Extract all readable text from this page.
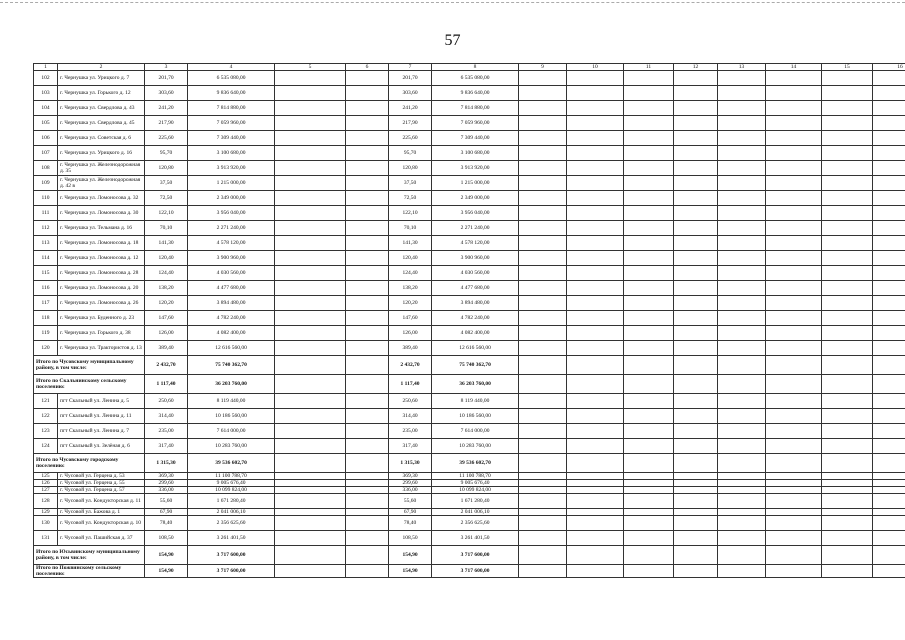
57
1	2	3	4	5	6	7	8	9	10	11	12	13	14	15	16
102	г. Чернушка ул. Урицкого д. 7	201,70	6 535 080,00			201,70	6 535 080,00								
103	г. Чернушка ул. Горького д. 12	303,60	9 836 640,00			303,60	9 836 640,00								
104	г. Чернушка ул. Свердлова д. 43	241,20	7 814 880,00			241,20	7 814 880,00								
105	г. Чернушка ул. Свердлова д. 45	217,90	7 059 960,00			217,90	7 059 960,00								
106	г. Чернушка ул. Советская д. 6	225,60	7 309 440,00			225,60	7 309 440,00								
107	г. Чернушка ул. Урицкого д. 16	95,70	3 100 680,00			95,70	3 100 680,00								
108	г. Чернушка ул. Железнодорожная д. 35	120,80	3 913 920,00			120,80	3 913 920,00								
109	г. Чернушка ул. Железнодорожная д. 42 в	37,50	1 215 000,00			37,50	1 215 000,00								
110	г. Чернушка ул. Ломоносова д. 32	72,50	2 349 000,00			72,50	2 349 000,00								
111	г. Чернушка ул. Ломоносова д. 30	122,10	3 956 040,00			122,10	3 956 040,00								
112	г. Чернушка ул. Тельмана д. 16	70,10	2 271 240,00			70,10	2 271 240,00								
113	г. Чернушка ул. Ломоносова д. 18	141,30	4 578 120,00			141,30	4 578 120,00								
114	г. Чернушка ул. Ломоносова д. 12	120,40	3 900 960,00			120,40	3 900 960,00								
115	г. Чернушка ул. Ломоносова д. 28	124,40	4 030 560,00			124,40	4 030 560,00								
116	г. Чернушка ул. Ломоносова д. 20	138,20	4 477 680,00			138,20	4 477 680,00								
117	г. Чернушка ул. Ломоносова д. 26	120,20	3 894 480,00			120,20	3 894 480,00								
118	г. Чернушка ул. Буденного д. 23	147,60	4 782 240,00			147,60	4 782 240,00								
119	г. Чернушка ул. Горького д. 38	126,00	4 082 400,00			126,00	4 082 400,00								
120	г. Чернушка ул. Трактористов д. 13	389,40	12 616 560,00			389,40	12 616 560,00								
Итого по Чусовскому муниципальному району, в том числе:		2 432,70	75 740 362,70			2 432,70	75 740 362,70								
Итого по Скальнинскому сельскому поселению:		1 117,40	36 203 760,00			1 117,40	36 203 760,00								
121	пгт Скальный ул. Ленина д. 5	250,60	8 119 440,00			250,60	8 119 440,00								
122	пгт Скальный ул. Ленина д. 11	314,40	10 186 560,00			314,40	10 186 560,00								
123	пгт Скальный ул. Ленина д. 7	235,00	7 614 000,00			235,00	7 614 000,00								
124	пгт Скальный ул. Зелёная д. 6	317,40	10 283 760,00			317,40	10 283 760,00								
Итого по Чусовскому городскому поселению:		1 315,30	39 536 602,70			1 315,30	39 536 602,70								
125	г. Чусовой ул. Герцена д. 53	369,30	11 100 788,70			369,30	11 100 788,70								
126	г. Чусовой ул. Герцена д. 55	299,60	9 005 676,40			299,60	9 005 676,40								
127	г. Чусовой ул. Герцена д. 57	336,00	10 099 824,00			336,00	10 099 824,00								
128	г. Чусовой ул. Кондукторская д. 11	55,60	1 671 280,40			55,60	1 671 280,40								
129	г. Чусовой ул. Бажова д. 1	67,90	2 041 006,10			67,90	2 041 006,10								
130	г. Чусовой ул. Кондукторская д. 10	78,40	2 356 625,60			78,40	2 356 625,60								
131	г. Чусовой ул. Пашийская д. 37	108,50	3 261 401,50			108,50	3 261 401,50								
Итого по Юсьвинскому муниципальному району, в том числе:		154,90	3 717 600,00			154,90	3 717 600,00								
Итого по Пожвинскому сельскому поселению:		154,90	3 717 600,00			154,90	3 717 600,00								
